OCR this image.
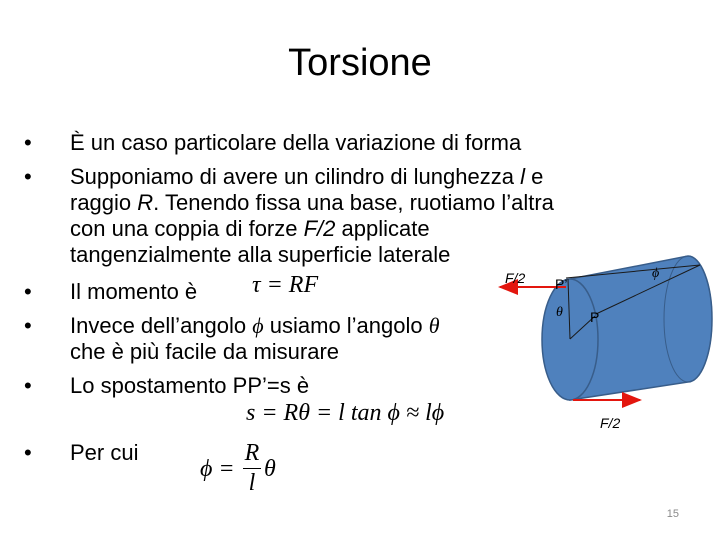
Torsione
• È un caso particolare della variazione di forma
• Supponiamo di avere un cilindro di lunghezza l e
raggio R. Tenendo fissa una base, ruotiamo l’altra
con una coppia di forze F/2 applicate
tangenzialmente alla superficie laterale
• Il momento è τ = RF
• Invece dell’angolo ϕ usiamo l’angolo θ
che è più facile da misurare
• Lo spostamento PP’=s è
s = Rθ = l tan ϕ ≈ lϕ
• Per cui
ϕ =
R
l
θ
F/2 P’
P
θ
ϕ
F/2
15
